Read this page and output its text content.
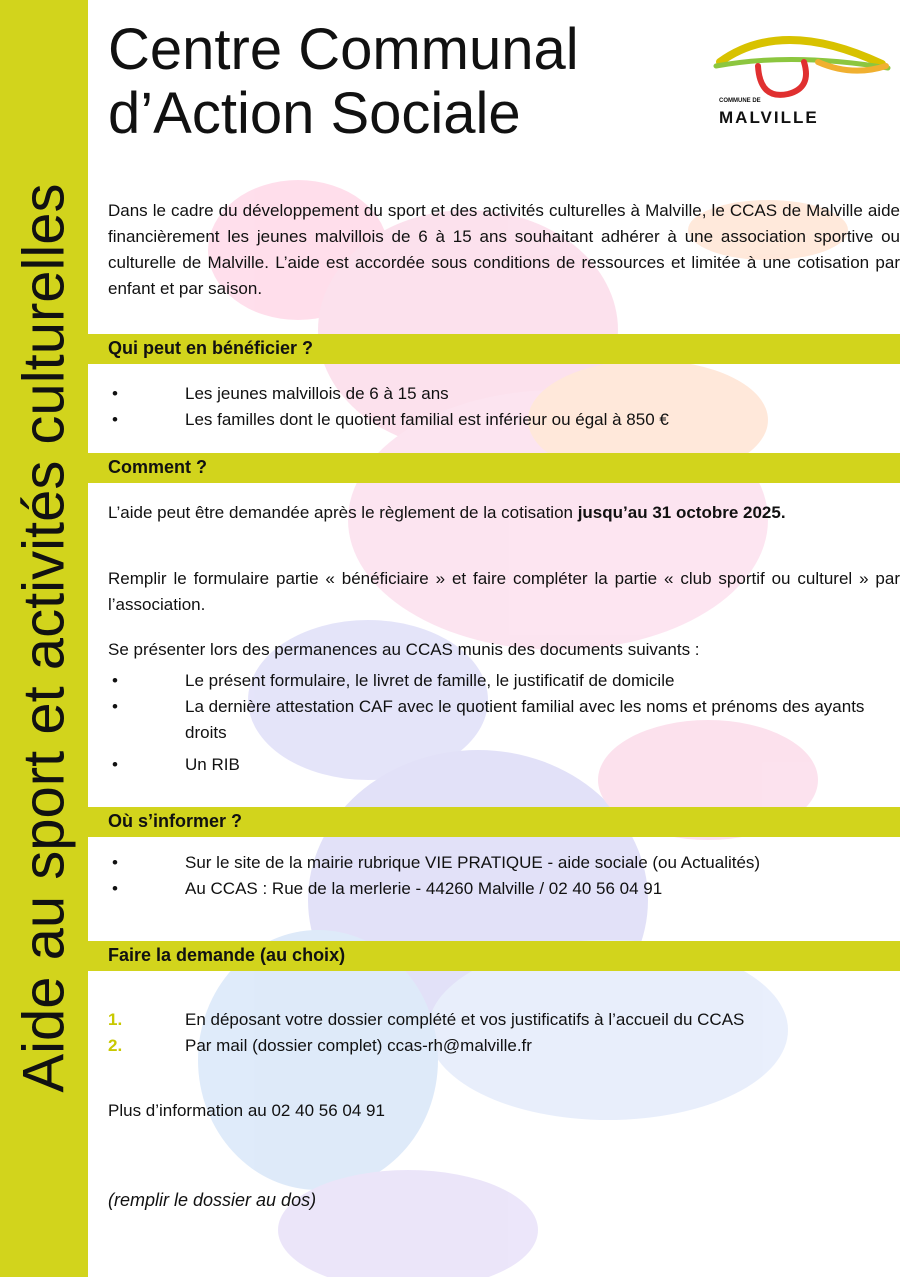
Aide au sport et activités culturelles
Centre Communal
d’Action Sociale	COMMUNE DE
MALVILLE

Dans le cadre du développement du sport et des activités culturelles à Malville, le CCAS de Malville aide financièrement les jeunes malvillois de 6 à 15 ans souhaitant adhérer à une association sportive ou culturelle de Malville. L’aide est accordée sous conditions de ressources et limitée à une cotisation par enfant et par saison.

Qui peut en bénéficier ?
•	Les jeunes malvillois de 6 à 15 ans
•	Les familles dont le quotient familial est inférieur ou égal à 850 €
Comment ?

L’aide peut être demandée après le règlement de la cotisation jusqu’au 31 octobre 2025.

Remplir le formulaire partie « bénéficiaire » et faire compléter la partie « club sportif ou culturel » par l’association.

Se présenter lors des permanences au CCAS munis des documents suivants :

•	Le présent formulaire, le livret de famille, le justificatif de domicile
•	La dernière attestation CAF avec le quotient familial avec les noms et prénoms des ayants droits
•	Un RIB
Où s’informer ?
•	Sur le site de la mairie rubrique VIE PRATIQUE - aide sociale (ou Actualités)
•	Au CCAS : Rue de la merlerie - 44260 Malville / 02 40 56 04 91
Faire la demande (au choix)
1.	En déposant votre dossier complété et vos justificatifs à l’accueil du CCAS
2.	Par mail (dossier complet) ccas-rh@malville.fr

Plus d’information au 02 40 56 04 91

(remplir le dossier au dos)
